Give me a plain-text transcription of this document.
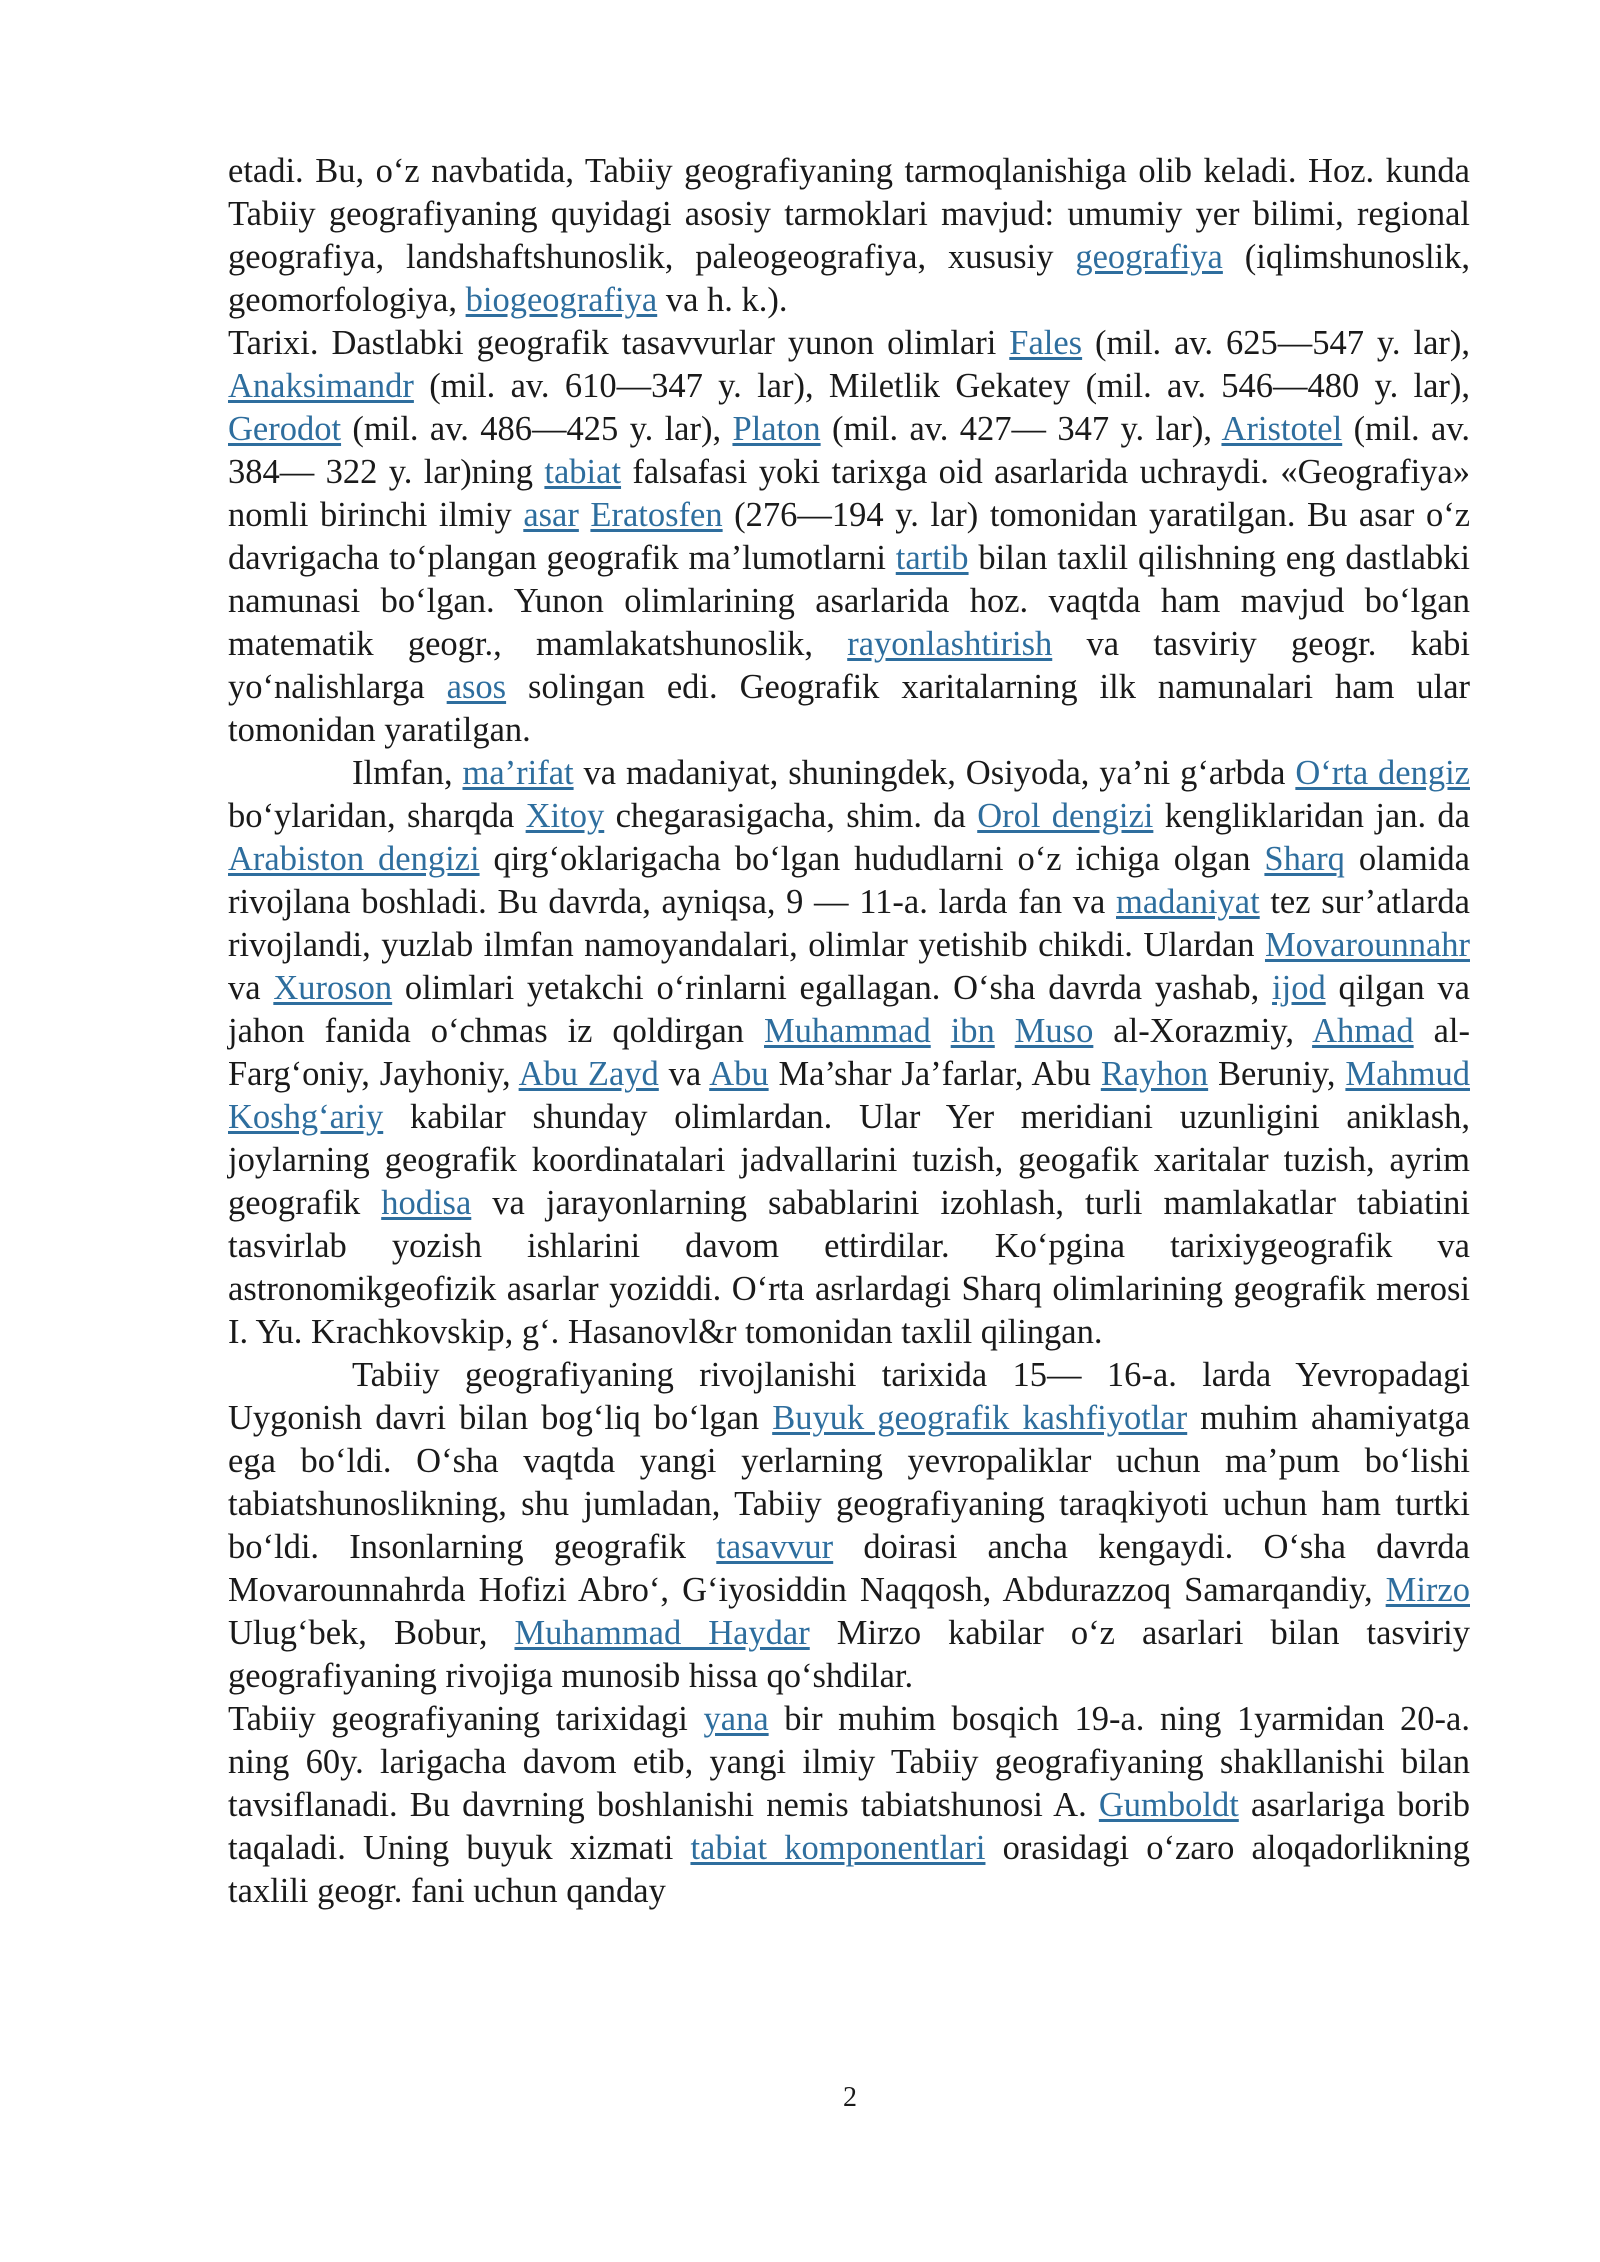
etadi. Bu, o‘z navbatida, Tabiiy geografiyaning tarmoqlanishiga olib keladi. Hoz. kunda Tabiiy geografiyaning quyidagi asosiy tarmoklari mavjud: umumiy yer bilimi, regional geografiya, landshaftshunoslik, paleogeografiya, xususiy geografiya (iqlimshunoslik, geomorfologiya, biogeografiya va h. k.).

Tarixi. Dastlabki geografik tasavvurlar yunon olimlari Fales (mil. av. 625—547 y. lar), Anaksimandr (mil. av. 610—347 y. lar), Miletlik Gekatey (mil. av. 546—480 y. lar), Gerodot (mil. av. 486—425 y. lar), Platon (mil. av. 427— 347 y. lar), Aristotel (mil. av. 384— 322 y. lar)ning tabiat falsafasi yoki tarixga oid asarlarida uchraydi. «Geografiya» nomli birinchi ilmiy asar Eratosfen (276—194 y. lar) tomonidan yaratilgan. Bu asar o‘z davrigacha to‘plangan geografik ma’lumotlarni tartib bilan taxlil qilishning eng dastlabki namunasi bo‘lgan. Yunon olimlarining asarlarida hoz. vaqtda ham mavjud bo‘lgan matematik geogr., mamlakatshunoslik, rayonlashtirish va tasviriy geogr. kabi yo‘nalishlarga asos solingan edi. Geografik xaritalarning ilk namunalari ham ular tomonidan yaratilgan.

Ilmfan, ma’rifat va madaniyat, shuningdek, Osiyoda, ya’ni g‘arbda O‘rta dengiz bo‘ylaridan, sharqda Xitoy chegarasigacha, shim. da Orol dengizi kengliklaridan jan. da Arabiston dengizi qirg‘oklarigacha bo‘lgan hududlarni o‘z ichiga olgan Sharq olamida rivojlana boshladi. Bu davrda, ayniqsa, 9 — 11-a. larda fan va madaniyat tez sur’atlarda rivojlandi, yuzlab ilmfan namoyandalari, olimlar yetishib chikdi. Ulardan Movarounnahr va Xuroson olimlari yetakchi o‘rinlarni egallagan. O‘sha davrda yashab, ijod qilgan va jahon fanida o‘chmas iz qoldirgan Muhammad ibn Muso al-Xorazmiy, Ahmad al-Farg‘oniy, Jayhoniy, Abu Zayd va Abu Ma’shar Ja’farlar, Abu Rayhon Beruniy, Mahmud Koshg‘ariy kabilar shunday olimlardan. Ular Yer meridiani uzunligini aniklash, joylarning geografik koordinatalari jadvallarini tuzish, geogafik xaritalar tuzish, ayrim geografik hodisa va jarayonlarning sabablarini izohlash, turli mamlakatlar tabiatini tasvirlab yozish ishlarini davom ettirdilar. Ko‘pgina tarixiygeografik va astronomikgeofizik asarlar yoziddi. O‘rta asrlardagi Sharq olimlarining geografik merosi I. Yu. Krachkovskip, g‘. Hasanovl&r tomonidan taxlil qilingan.

Tabiiy geografiyaning rivojlanishi tarixida 15— 16-a. larda Yevropadagi Uygonish davri bilan bog‘liq bo‘lgan Buyuk geografik kashfiyotlar muhim ahamiyatga ega bo‘ldi. O‘sha vaqtda yangi yerlarning yevropaliklar uchun ma’pum bo‘lishi tabiatshunoslikning, shu jumladan, Tabiiy geografiyaning taraqkiyoti uchun ham turtki bo‘ldi. Insonlarning geografik tasavvur doirasi ancha kengaydi. O‘sha davrda Movarounnahrda Hofizi Abro‘, G‘iyosiddin Naqqosh, Abdurazzoq Samarqandiy, Mirzo Ulug‘bek, Bobur, Muhammad Haydar Mirzo kabilar o‘z asarlari bilan tasviriy geografiyaning rivojiga munosib hissa qo‘shdilar.

Tabiiy geografiyaning tarixidagi yana bir muhim bosqich 19-a. ning 1yarmidan 20-a. ning 60y. larigacha davom etib, yangi ilmiy Tabiiy geografiyaning shakllanishi bilan tavsiflanadi. Bu davrning boshlanishi nemis tabiatshunosi A. Gumboldt asarlariga borib taqaladi. Uning buyuk xizmati tabiat komponentlari orasidagi o‘zaro aloqadorlikning taxlili geogr. fani uchun qanday

2
